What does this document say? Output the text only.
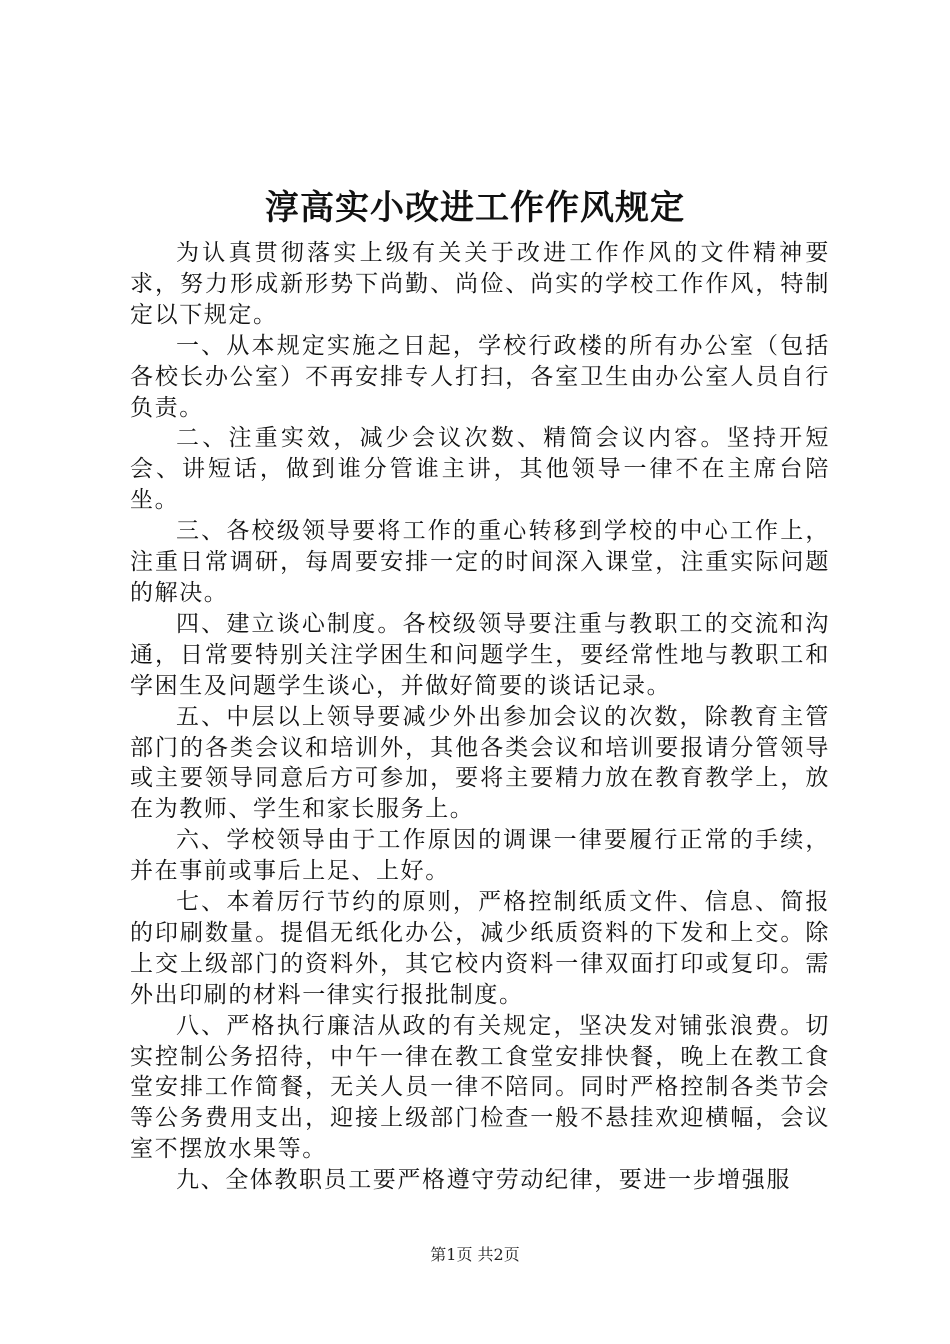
淳高实小改进工作作风规定

为认真贯彻落实上级有关关于改进工作作风的文件精神要求，努力形成新形势下尚勤、尚俭、尚实的学校工作作风，特制定以下规定。

一、从本规定实施之日起，学校行政楼的所有办公室（包括各校长办公室）不再安排专人打扫，各室卫生由办公室人员自行负责。

二、注重实效，减少会议次数、精简会议内容。坚持开短会、讲短话，做到谁分管谁主讲，其他领导一律不在主席台陪坐。

三、各校级领导要将工作的重心转移到学校的中心工作上，注重日常调研，每周要安排一定的时间深入课堂，注重实际问题的解决。

四、建立谈心制度。各校级领导要注重与教职工的交流和沟通，日常要特别关注学困生和问题学生，要经常性地与教职工和学困生及问题学生谈心，并做好简要的谈话记录。

五、中层以上领导要减少外出参加会议的次数，除教育主管部门的各类会议和培训外，其他各类会议和培训要报请分管领导或主要领导同意后方可参加，要将主要精力放在教育教学上，放在为教师、学生和家长服务上。

六、学校领导由于工作原因的调课一律要履行正常的手续，并在事前或事后上足、上好。

七、本着厉行节约的原则，严格控制纸质文件、信息、简报的印刷数量。提倡无纸化办公，减少纸质资料的下发和上交。除上交上级部门的资料外，其它校内资料一律双面打印或复印。需外出印刷的材料一律实行报批制度。

八、严格执行廉洁从政的有关规定，坚决发对铺张浪费。切实控制公务招待，中午一律在教工食堂安排快餐，晚上在教工食堂安排工作简餐，无关人员一律不陪同。同时严格控制各类节会等公务费用支出，迎接上级部门检查一般不悬挂欢迎横幅，会议室不摆放水果等。

九、全体教职员工要严格遵守劳动纪律，要进一步增强服

第1页 共2页
